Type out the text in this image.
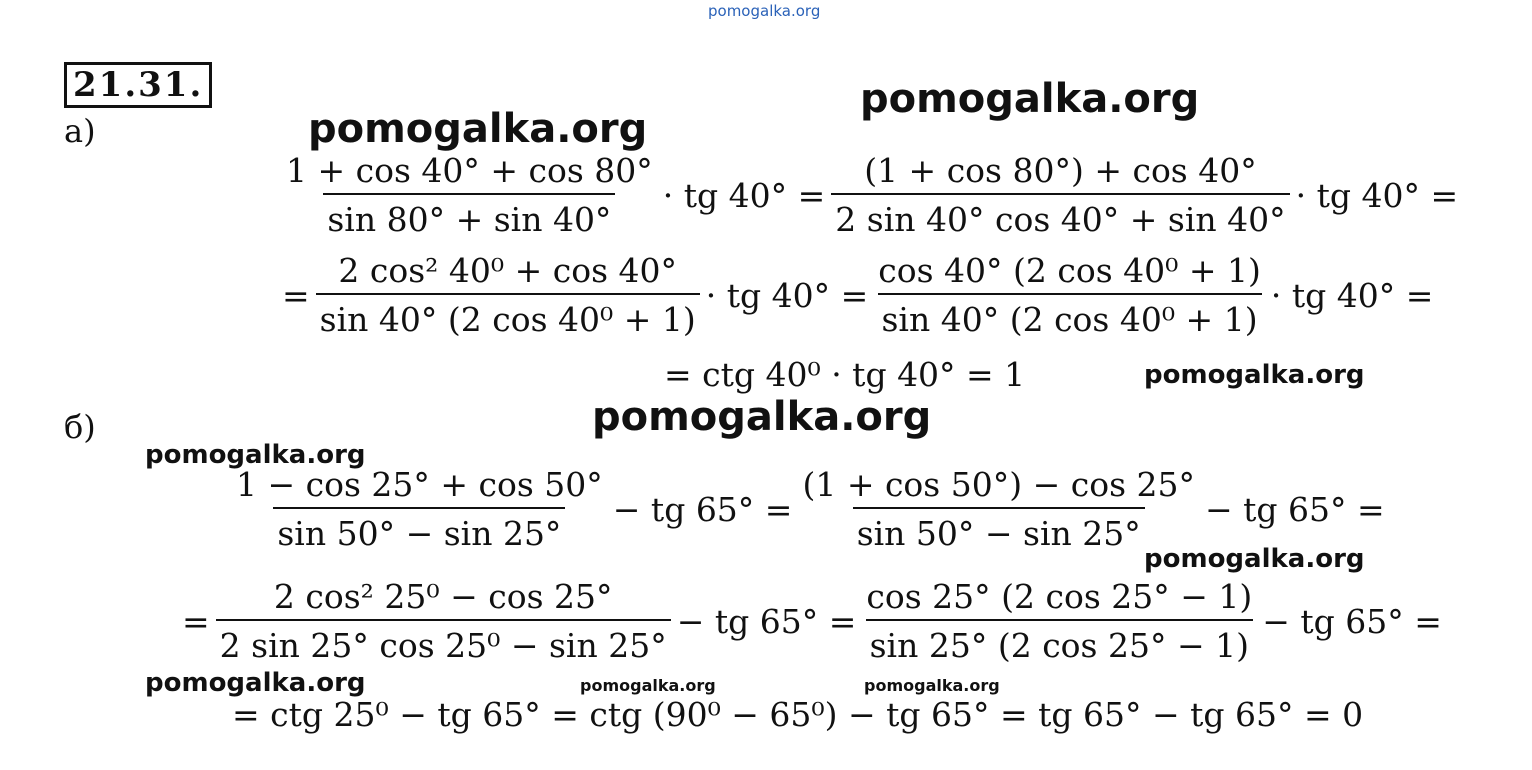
pomogalka.org
21.31.
а)
pomogalka.org
pomogalka.org
$\frac{1 + \cos 40^\circ + \cos 80^\circ}{\sin 80^\circ + \sin 40^\circ}$ · tg $40^\circ = \frac{(1 + \cos 80^\circ) + \cos 40^\circ}{2 \sin 40^\circ \cos 40^\circ + \sin 40^\circ}$ · tg 40° =
= $\frac{\text{2 cos² 40⁰ + cos 40°}}{\text{sin 40° (2 cos 40⁰ + 1)}}$ · tg $40^\circ = \frac{\text{cos 40° (2 cos 40⁰ + 1)}}{\text{sin 40° (2 cos 40⁰ + 1)}}$ · tg 40° =
= ctg 40⁰ · tg 40° = 1	pomogalka.org
б)	pomogalka.org
pomogalka.org
$\frac{1 - \cos 25^\circ + \cos 50^\circ}{\sin 50^\circ - \sin 25^\circ}$ − tg $65^\circ = \frac{(1 + \cos 50^\circ) - \cos 25^\circ}{\sin 50^\circ - \sin 25^\circ}$ − tg 65° =
pomogalka.org
= $\frac{\text{2 cos² 25⁰ − cos 25°}}{\text{2 sin 25° cos 25⁰ − sin 25°}}$ − tg $65^\circ = \frac{\cos 25^\circ (2 \cos 25^\circ - 1)}{\sin 25^\circ (2 \cos 25^\circ - 1)}$ − tg 65° =
pomogalka.org	pomogalka.org	pomogalka.org
= ctg 25⁰ − tg 65° = ctg (90⁰ − 65⁰) − tg 65° = tg 65° − tg 65° = 0
